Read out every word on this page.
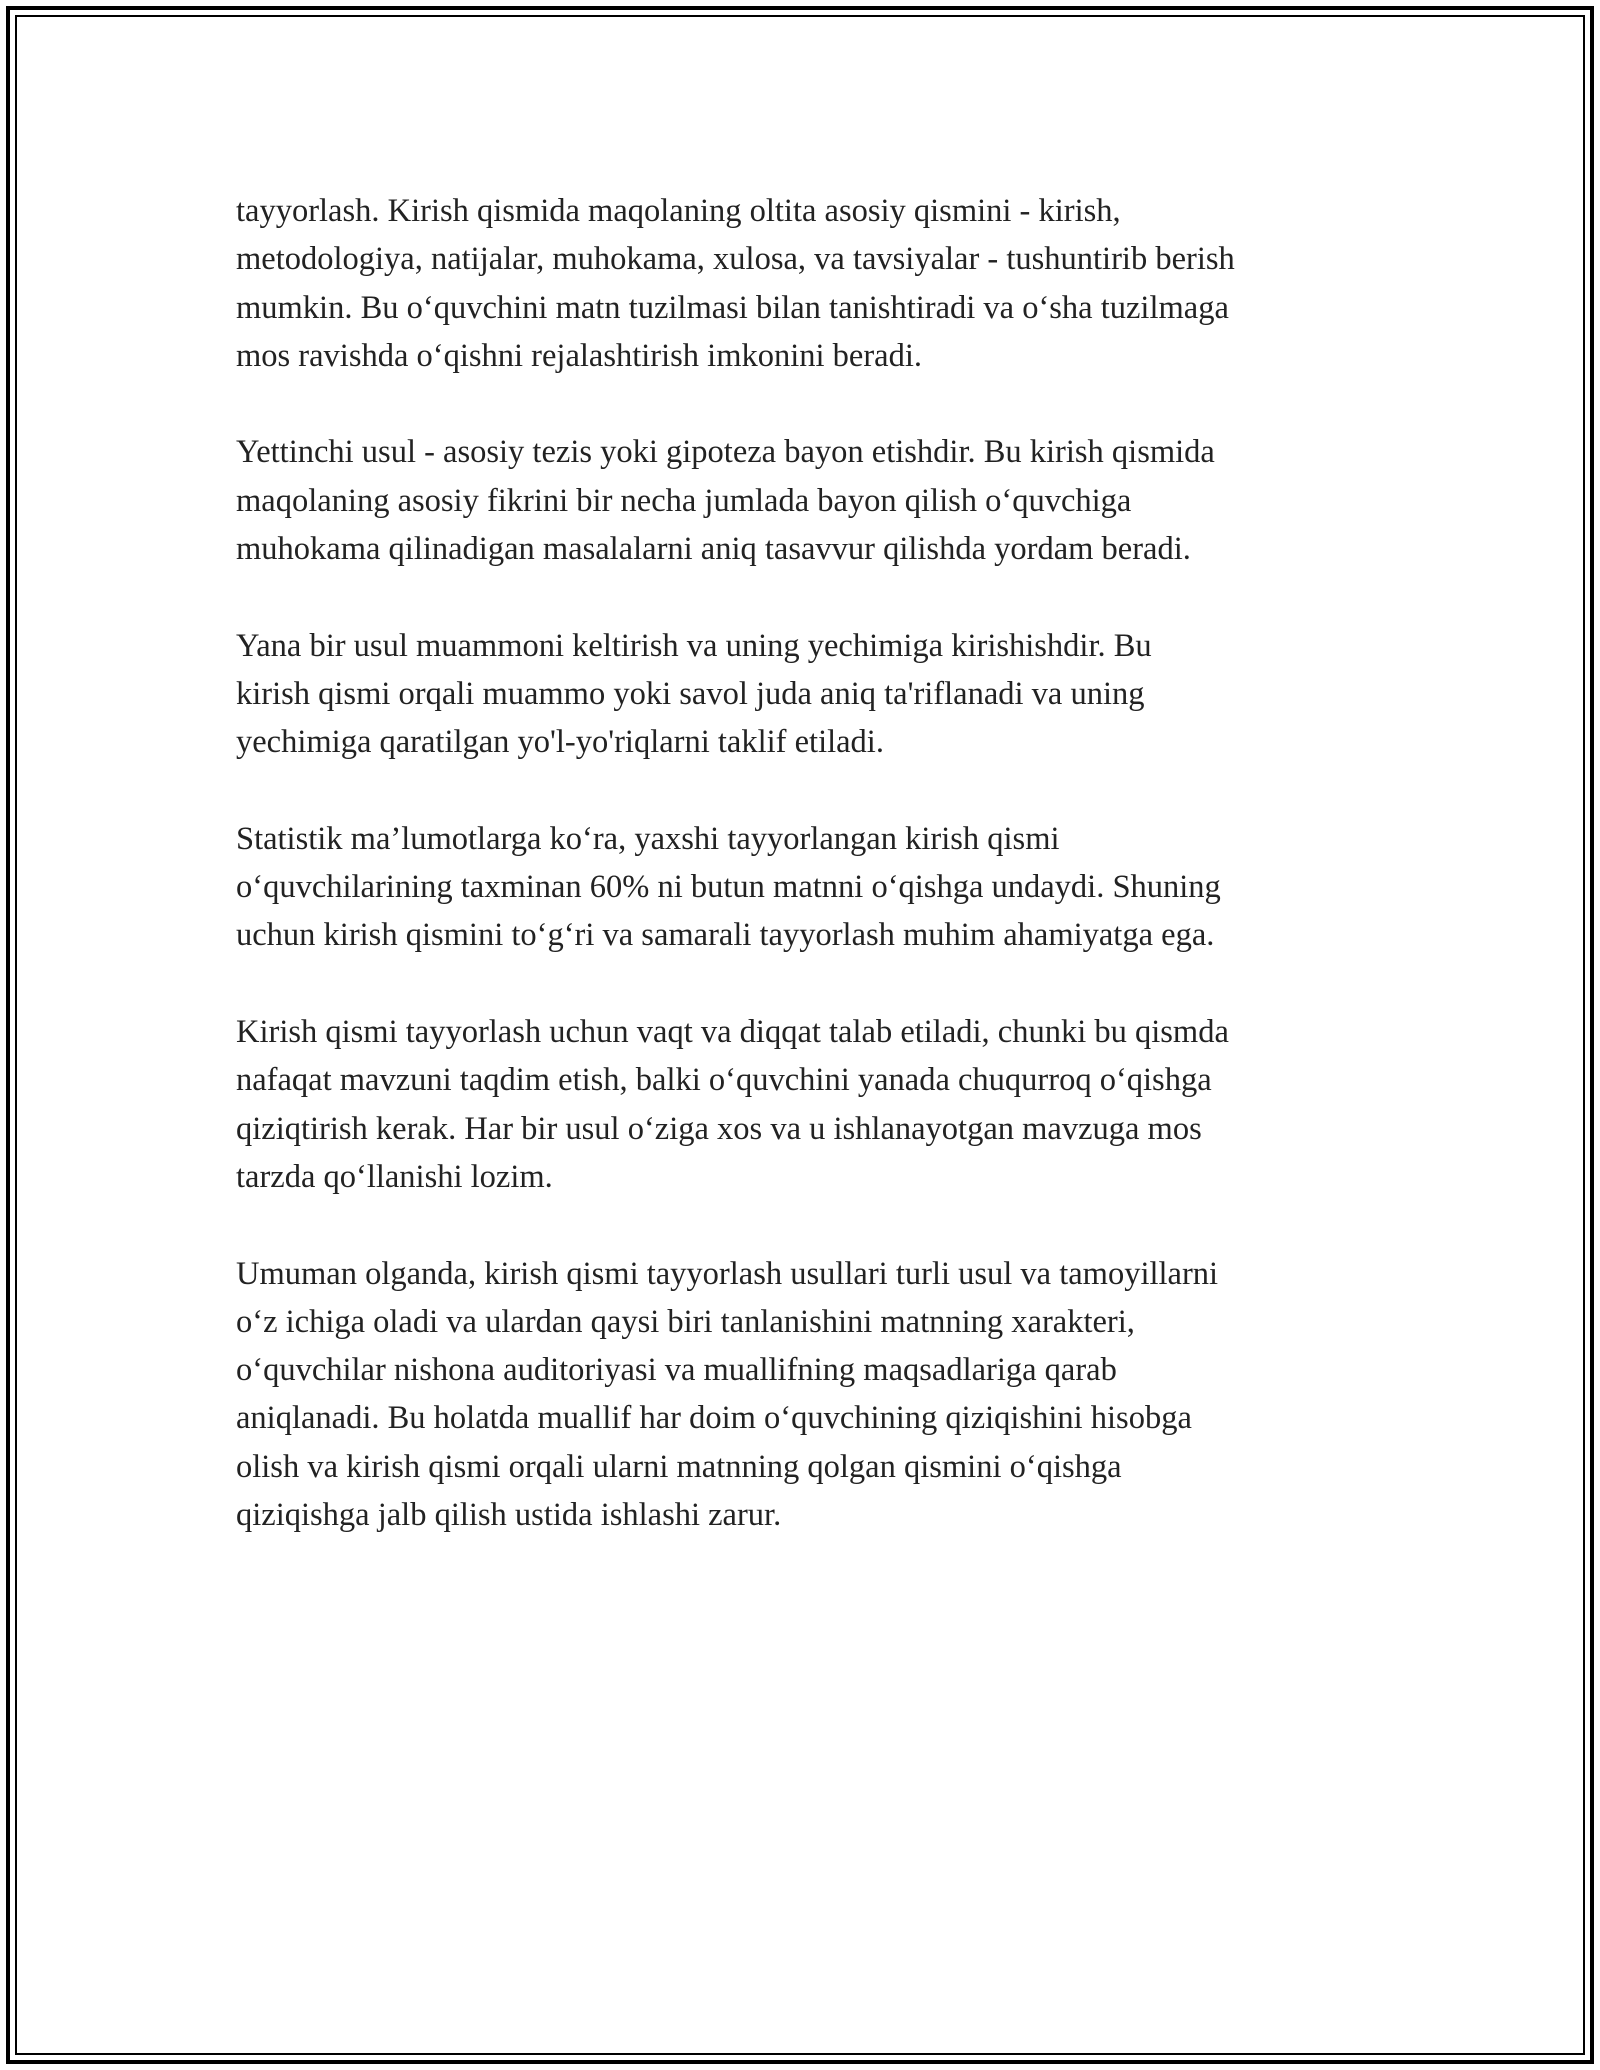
tayyorlash. Kirish qismida maqolaning oltita asosiy qismini - kirish,
metodologiya, natijalar, muhokama, xulosa, va tavsiyalar - tushuntirib berish
mumkin. Bu o‘quvchini matn tuzilmasi bilan tanishtiradi va o‘sha tuzilmaga
mos ravishda o‘qishni rejalashtirish imkonini beradi.

Yettinchi usul - asosiy tezis yoki gipoteza bayon etishdir. Bu kirish qismida
maqolaning asosiy fikrini bir necha jumlada bayon qilish o‘quvchiga
muhokama qilinadigan masalalarni aniq tasavvur qilishda yordam beradi.

Yana bir usul muammoni keltirish va uning yechimiga kirishishdir. Bu
kirish qismi orqali muammo yoki savol juda aniq ta'riflanadi va uning
yechimiga qaratilgan yo'l-yo'riqlarni taklif etiladi.

Statistik ma’lumotlarga ko‘ra, yaxshi tayyorlangan kirish qismi
o‘quvchilarining taxminan 60% ni butun matnni o‘qishga undaydi. Shuning
uchun kirish qismini to‘g‘ri va samarali tayyorlash muhim ahamiyatga ega.

Kirish qismi tayyorlash uchun vaqt va diqqat talab etiladi, chunki bu qismda
nafaqat mavzuni taqdim etish, balki o‘quvchini yanada chuqurroq o‘qishga
qiziqtirish kerak. Har bir usul o‘ziga xos va u ishlanayotgan mavzuga mos
tarzda qo‘llanishi lozim.

Umuman olganda, kirish qismi tayyorlash usullari turli usul va tamoyillarni
o‘z ichiga oladi va ulardan qaysi biri tanlanishini matnning xarakteri,
o‘quvchilar nishona auditoriyasi va muallifning maqsadlariga qarab
aniqlanadi. Bu holatda muallif har doim o‘quvchining qiziqishini hisobga
olish va kirish qismi orqali ularni matnning qolgan qismini o‘qishga
qiziqishga jalb qilish ustida ishlashi zarur.
